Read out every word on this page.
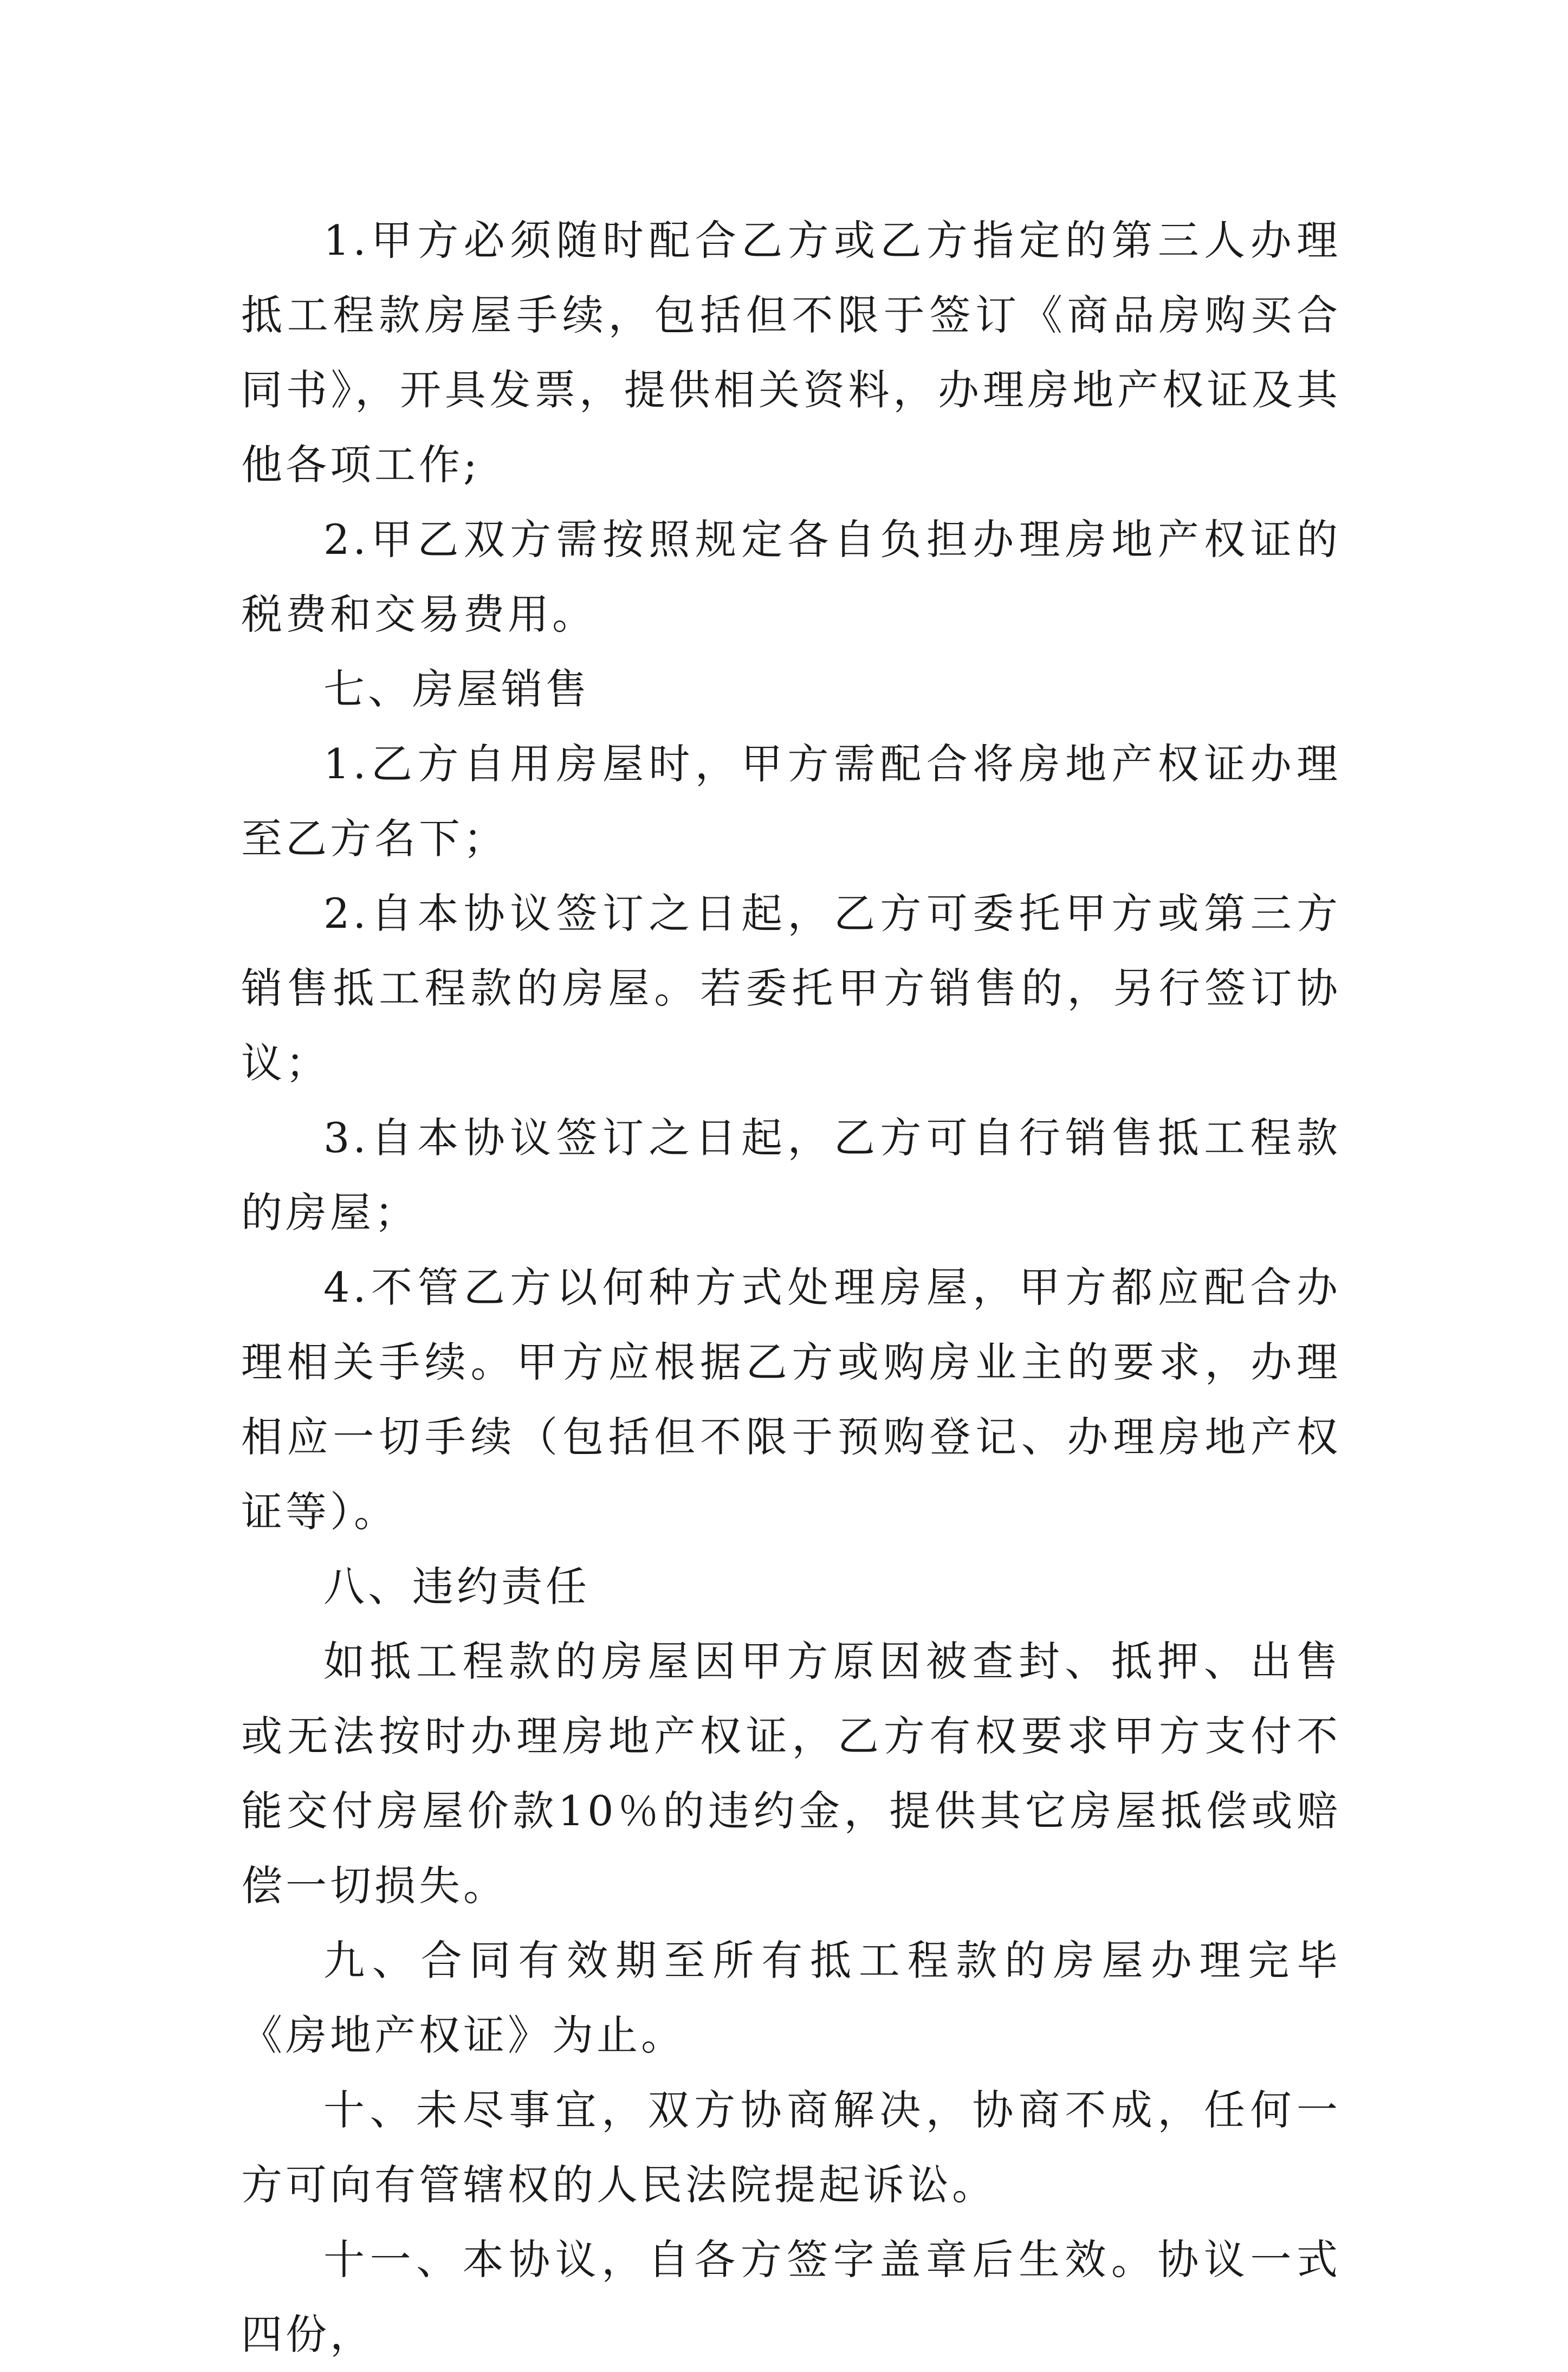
1.甲方必须随时配合乙方或乙方指定的第三人办理抵工程款房屋手续，包括但不限于签订《商品房购买合同书》，开具发票，提供相关资料，办理房地产权证及其他各项工作;

2.甲乙双方需按照规定各自负担办理房地产权证的税费和交易费用。

七、房屋销售

1.乙方自用房屋时，甲方需配合将房地产权证办理至乙方名下；

2.自本协议签订之日起，乙方可委托甲方或第三方销售抵工程款的房屋。若委托甲方销售的，另行签订协议；

3.自本协议签订之日起，乙方可自行销售抵工程款的房屋；

4.不管乙方以何种方式处理房屋，甲方都应配合办理相关手续。甲方应根据乙方或购房业主的要求，办理相应一切手续（包括但不限于预购登记、办理房地产权证等）。

八、违约责任

如抵工程款的房屋因甲方原因被查封、抵押、出售或无法按时办理房地产权证，乙方有权要求甲方支付不能交付房屋价款10％的违约金，提供其它房屋抵偿或赔偿一切损失。

九、合同有效期至所有抵工程款的房屋办理完毕《房地产权证》为止。

十、未尽事宜，双方协商解决，协商不成，任何一方可向有管辖权的人民法院提起诉讼。

十一、本协议，自各方签字盖章后生效。协议一式四份，
